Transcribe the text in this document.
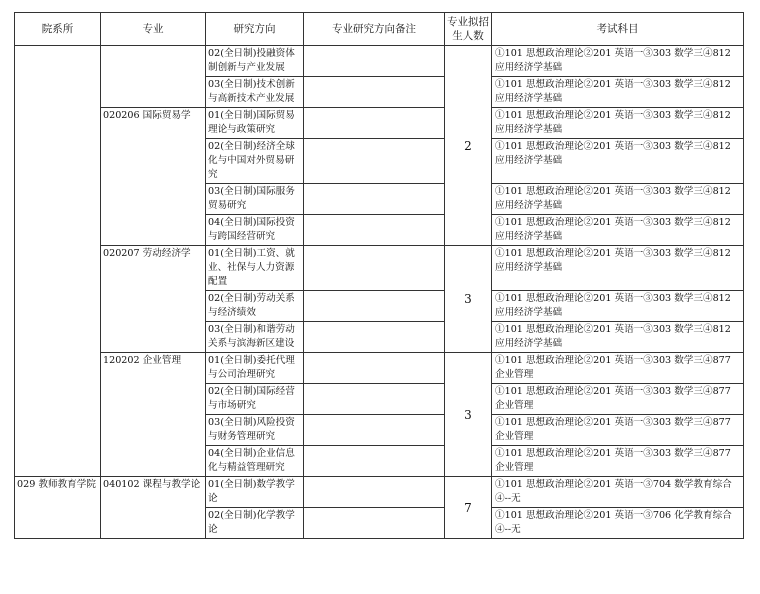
院系所	专业	研究方向	专业研究方向备注	专业拟招生人数	考试科目
		02(全日制)投融资体制创新与产业发展		2	①101 思想政治理论②201 英语一③303 数学三④812 应用经济学基础
		03(全日制)技术创新与高新技术产业发展			①101 思想政治理论②201 英语一③303 数学三④812 应用经济学基础
	020206 国际贸易学	01(全日制)国际贸易理论与政策研究			①101 思想政治理论②201 英语一③303 数学三④812 应用经济学基础
		02(全日制)经济全球化与中国对外贸易研究			①101 思想政治理论②201 英语一③303 数学三④812 应用经济学基础
		03(全日制)国际服务贸易研究			①101 思想政治理论②201 英语一③303 数学三④812 应用经济学基础
		04(全日制)国际投资与跨国经营研究			①101 思想政治理论②201 英语一③303 数学三④812 应用经济学基础
	020207 劳动经济学	01(全日制)工资、就业、社保与人力资源配置		3	①101 思想政治理论②201 英语一③303 数学三④812 应用经济学基础
		02(全日制)劳动关系与经济绩效			①101 思想政治理论②201 英语一③303 数学三④812 应用经济学基础
		03(全日制)和谐劳动关系与滨海新区建设			①101 思想政治理论②201 英语一③303 数学三④812 应用经济学基础
	120202 企业管理	01(全日制)委托代理与公司治理研究		3	①101 思想政治理论②201 英语一③303 数学三④877 企业管理
		02(全日制)国际经营与市场研究			①101 思想政治理论②201 英语一③303 数学三④877 企业管理
		03(全日制)风险投资与财务管理研究			①101 思想政治理论②201 英语一③303 数学三④877 企业管理
		04(全日制)企业信息化与精益管理研究			①101 思想政治理论②201 英语一③303 数学三④877 企业管理
029 教师教育学院	040102 课程与教学论	01(全日制)数学教学论		7	①101 思想政治理论②201 英语一③704 数学教育综合④--无
		02(全日制)化学教学论			①101 思想政治理论②201 英语一③706 化学教育综合④--无
